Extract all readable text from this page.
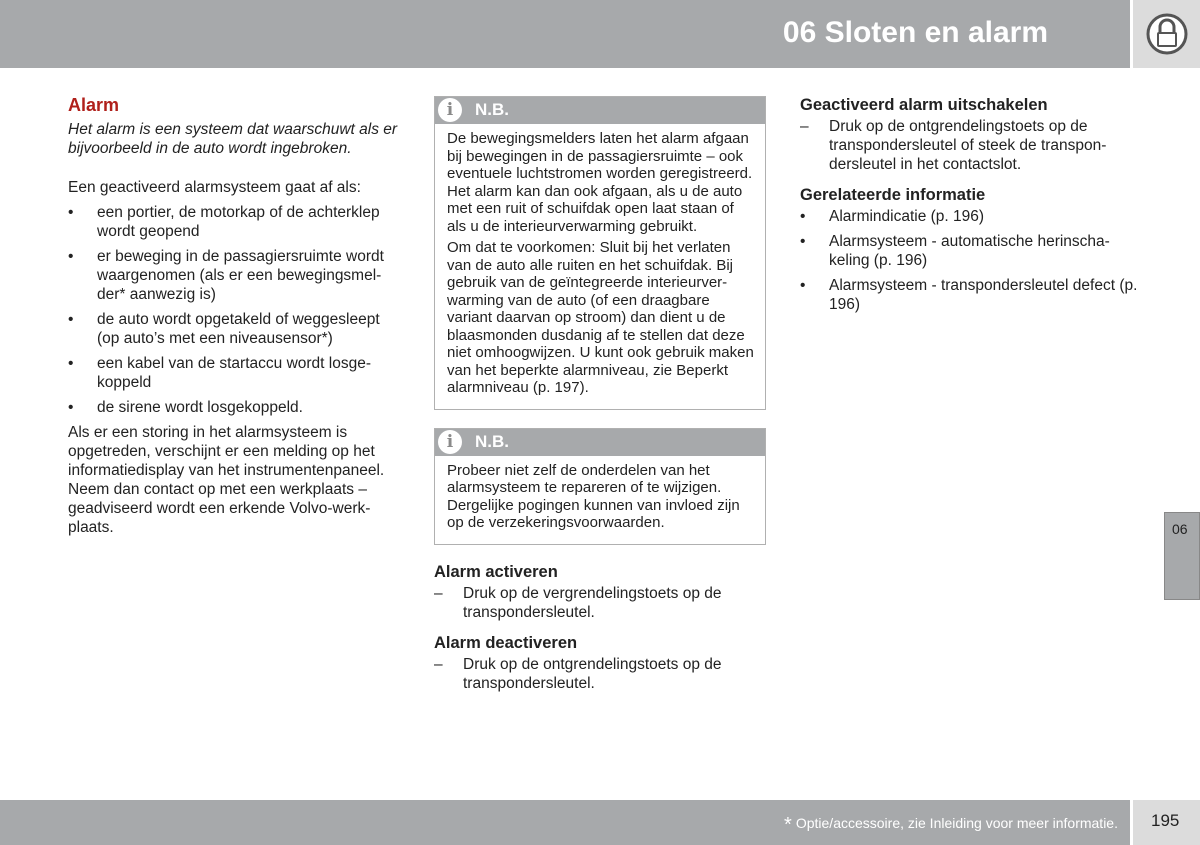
06 Sloten en alarm
Alarm

Het alarm is een systeem dat waarschuwt als er bijvoorbeeld in de auto wordt ingebroken.

Een geactiveerd alarmsysteem gaat af als:

• een portier, de motorkap of de achterklep wordt geopend
• er beweging in de passagiersruimte wordt waargenomen (als er een bewegingsmelder* aanwezig is)
• de auto wordt opgetakeld of weggesleept (op auto’s met een niveausensor*)
• een kabel van de startaccu wordt losgekoppeld
• de sirene wordt losgekoppeld.

Als er een storing in het alarmsysteem is opgetreden, verschijnt er een melding op het informatiedisplay van het instrumentenpaneel. Neem dan contact op met een werkplaats – geadviseerd wordt een erkende Volvo-werkplaats.

i	N.B.

De bewegingsmelders laten het alarm afgaan bij bewegingen in de passagiersruimte – ook eventuele luchtstromen worden geregistreerd. Het alarm kan dan ook afgaan, als u de auto met een ruit of schuifdak open laat staan of als u de interieurverwarming gebruikt.

Om dat te voorkomen: Sluit bij het verlaten van de auto alle ruiten en het schuifdak. Bij gebruik van de geïntegreerde interieurverwarming van de auto (of een draagbare variant daarvan op stroom) dan dient u de blaasmonden dusdanig af te stellen dat deze niet omhoogwijzen. U kunt ook gebruik maken van het beperkte alarmniveau, zie Beperkt alarmniveau (p. 197).

i	N.B.

Probeer niet zelf de onderdelen van het alarmsysteem te repareren of te wijzigen. Dergelijke pogingen kunnen van invloed zijn op de verzekeringsvoorwaarden.

Alarm activeren
– Druk op de vergrendelingstoets op de transpondersleutel.
Alarm deactiveren
– Druk op de ontgrendelingstoets op de transpondersleutel.
Geactiveerd alarm uitschakelen
– Druk op de ontgrendelingstoets op de transpondersleutel of steek de transpondersleutel in het contactslot.
Gerelateerde informatie
• Alarmindicatie (p. 196)
• Alarmsysteem - automatische herinschakeling (p. 196)
• Alarmsysteem - transpondersleutel defect (p. 196)
06
* Optie/accessoire, zie Inleiding voor meer informatie. 195
